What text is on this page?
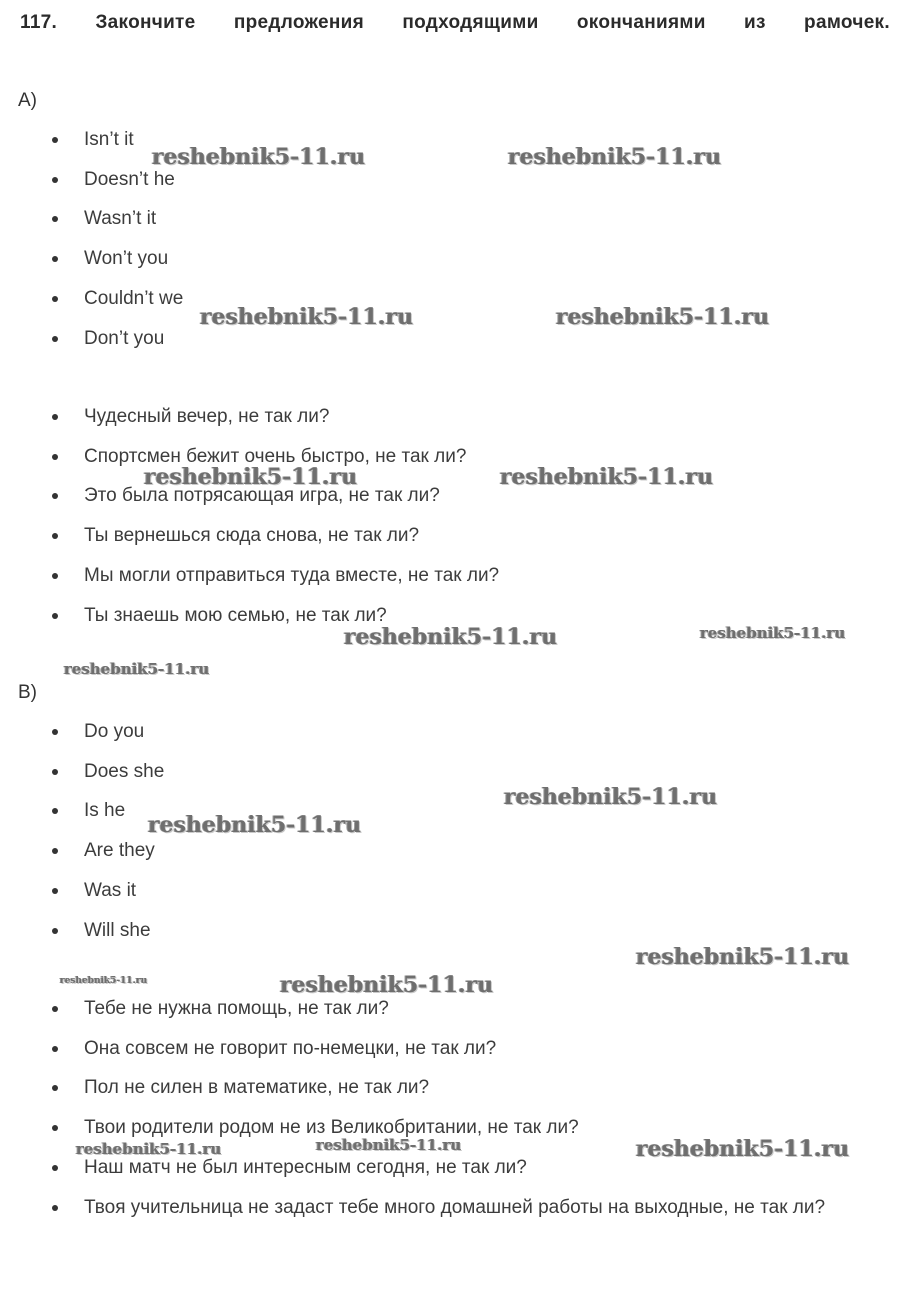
117. Закончите предложения подходящими окончаниями из рамочек.
A)
Isn’t it
Doesn’t he
Wasn’t it
Won’t you
Couldn’t we
Don’t you
Чудесный вечер, не так ли?
Спортсмен бежит очень быстро, не так ли?
Это была потрясающая игра, не так ли?
Ты вернешься сюда снова, не так ли?
Мы могли отправиться туда вместе, не так ли?
Ты знаешь мою семью, не так ли?
B)
Do you
Does she
Is he
Are they
Was it
Will she
Тебе не нужна помощь, не так ли?
Она совсем не говорит по-немецки, не так ли?
Пол не силен в математике, не так ли?
Твои родители родом не из Великобритании, не так ли?
Наш матч не был интересным сегодня, не так ли?
Твоя учительница не задаст тебе много домашней работы на выходные, не так ли?
reshebnik5-11.ru	reshebnik5-11.ru
reshebnik5-11.ru	reshebnik5-11.ru
reshebnik5-11.ru	reshebnik5-11.ru
reshebnik5-11.ru	reshebnik5-11.ru
reshebnik5-11.ru
reshebnik5-11.ru
reshebnik5-11.ru
reshebnik5-11.ru
reshebnik5-11.ru	reshebnik5-11.ru
reshebnik5-11.ru	reshebnik5-11.ru	reshebnik5-11.ru
